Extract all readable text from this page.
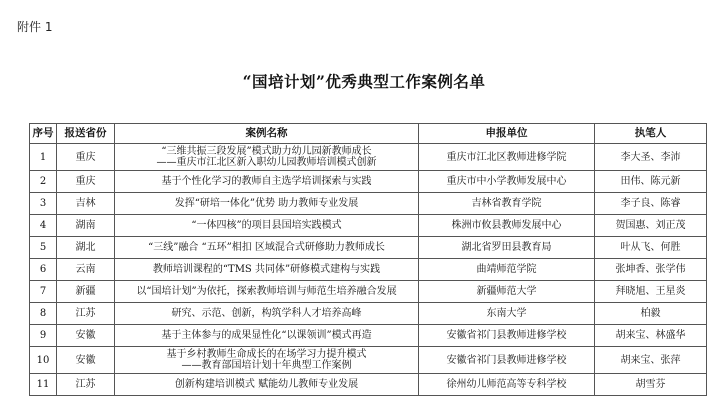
附件 1
“国培计划”优秀典型工作案例名单
序号	报送省份	案例名称	申报单位	执笔人
1	重庆	“三维共振三段发展”模式助力幼儿园新教师成长
——重庆市江北区新入职幼儿园教师培训模式创新	重庆市江北区教师进修学院	李大圣、李沛
2	重庆	基于个性化学习的教师自主选学培训探索与实践	重庆市中小学教师发展中心	田伟、陈元新
3	吉林	发挥“研培一体化”优势 助力教师专业发展	吉林省教育学院	李子良、陈睿
4	湖南	“一体四核”的项目县国培实践模式	株洲市攸县教师发展中心	贺国惠、刘正茂
5	湖北	“三线”融合 “五环”相扣 区域混合式研修助力教师成长	湖北省罗田县教育局	叶从飞、何胜
6	云南	教师培训课程的“TMS 共同体”研修模式建构与实践	曲靖师范学院	张坤香、张学伟
7	新疆	以“国培计划”为依托，探索教师培训与师范生培养融合发展	新疆师范大学	拜晓旭、王星炎
8	江苏	研究、示范、创新，构筑学科人才培养高峰	东南大学	柏毅
9	安徽	基于主体参与的成果显性化“以课领训”模式再造	安徽省祁门县教师进修学校	胡来宝、林盛华
10	安徽	基于乡村教师生命成长的在场学习力提升模式
——教育部国培计划十年典型工作案例	安徽省祁门县教师进修学校	胡来宝、张萍
11	江苏	创新构建培训模式 赋能幼儿教师专业发展	徐州幼儿师范高等专科学校	胡雪芬
